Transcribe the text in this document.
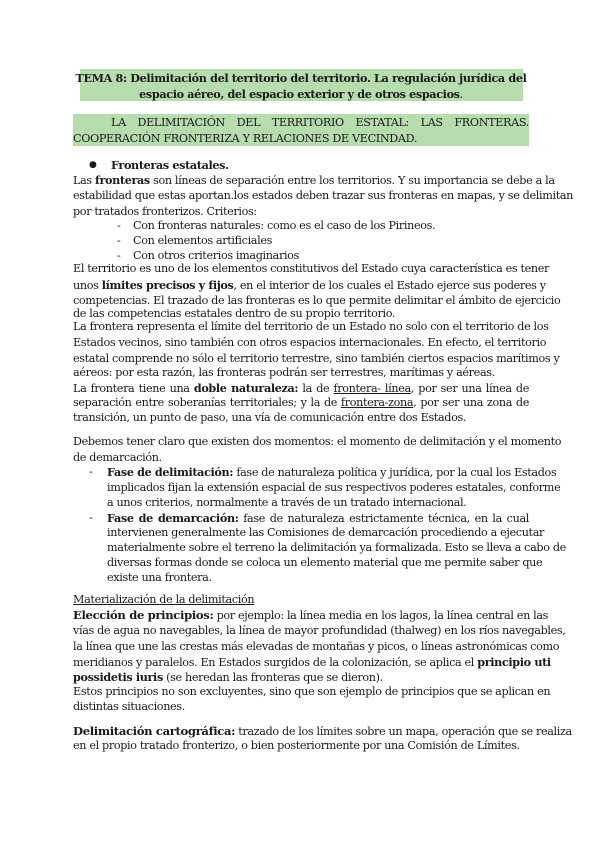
TEMA 8: Delimitación del territorio del territorio. La regulación jurídica del
espacio aéreo, del espacio exterior y de otros espacios.
LA DELIMITACIÓN DEL TERRITORIO ESTATAL: LAS FRONTERAS.
COOPERACIÓN FRONTERIZA Y RELACIONES DE VECINDAD.
● Fronteras estatales.
Las fronteras son líneas de separación entre los territorios. Y su importancia se debe a la
estabilidad que estas aportan.los estados deben trazar sus fronteras en mapas, y se delimitan
por tratados fronterizos. Criterios:
- Con fronteras naturales: como es el caso de los Pirineos.
- Con elementos artificiales
- Con otros criterios imaginarios
El territorio es uno de los elementos constitutivos del Estado cuya característica es tener
unos límites precisos y fijos, en el interior de los cuales el Estado ejerce sus poderes y
competencias. El trazado de las fronteras es lo que permite delimitar el ámbito de ejercicio
de las competencias estatales dentro de su propio territorio.
La frontera representa el límite del territorio de un Estado no solo con el territorio de los
Estados vecinos, sino también con otros espacios internacionales. En efecto, el territorio
estatal comprende no sólo el territorio terrestre, sino también ciertos espacios marítimos y
aéreos: por esta razón, las fronteras podrán ser terrestres, marítimas y aéreas.
La frontera tiene una doble naturaleza: la de frontera- línea, por ser una línea de
separación entre soberanías territoriales; y la de frontera-zona, por ser una zona de
transición, un punto de paso, una vía de comunicación entre dos Estados.
Debemos tener claro que existen dos momentos: el momento de delimitación y el momento
de demarcación.
- Fase de delimitación: fase de naturaleza política y jurídica, por la cual los Estados
implicados fijan la extensión espacial de sus respectivos poderes estatales, conforme
a unos criterios, normalmente a través de un tratado internacional.
- Fase de demarcación: fase de naturaleza estrictamente técnica, en la cual
intervienen generalmente las Comisiones de demarcación procediendo a ejecutar
materialmente sobre el terreno la delimitación ya formalizada. Esto se lleva a cabo de
diversas formas donde se coloca un elemento material que me permite saber que
existe una frontera.
Materialización de la delimitación
Elección de principios: por ejemplo: la línea media en los lagos, la línea central en las
vías de agua no navegables, la línea de mayor profundidad (thalweg) en los ríos navegables,
la línea que une las crestas más elevadas de montañas y picos, o líneas astronómicas como
meridianos y paralelos. En Estados surgidos de la colonización, se aplica el principio uti
possidetis iuris (se heredan las fronteras que se dieron).
Estos principios no son excluyentes, sino que son ejemplo de principios que se aplican en
distintas situaciones.
Delimitación cartográfica: trazado de los límites sobre un mapa, operación que se realiza
en el propio tratado fronterizo, o bien posteriormente por una Comisión de Límites.
